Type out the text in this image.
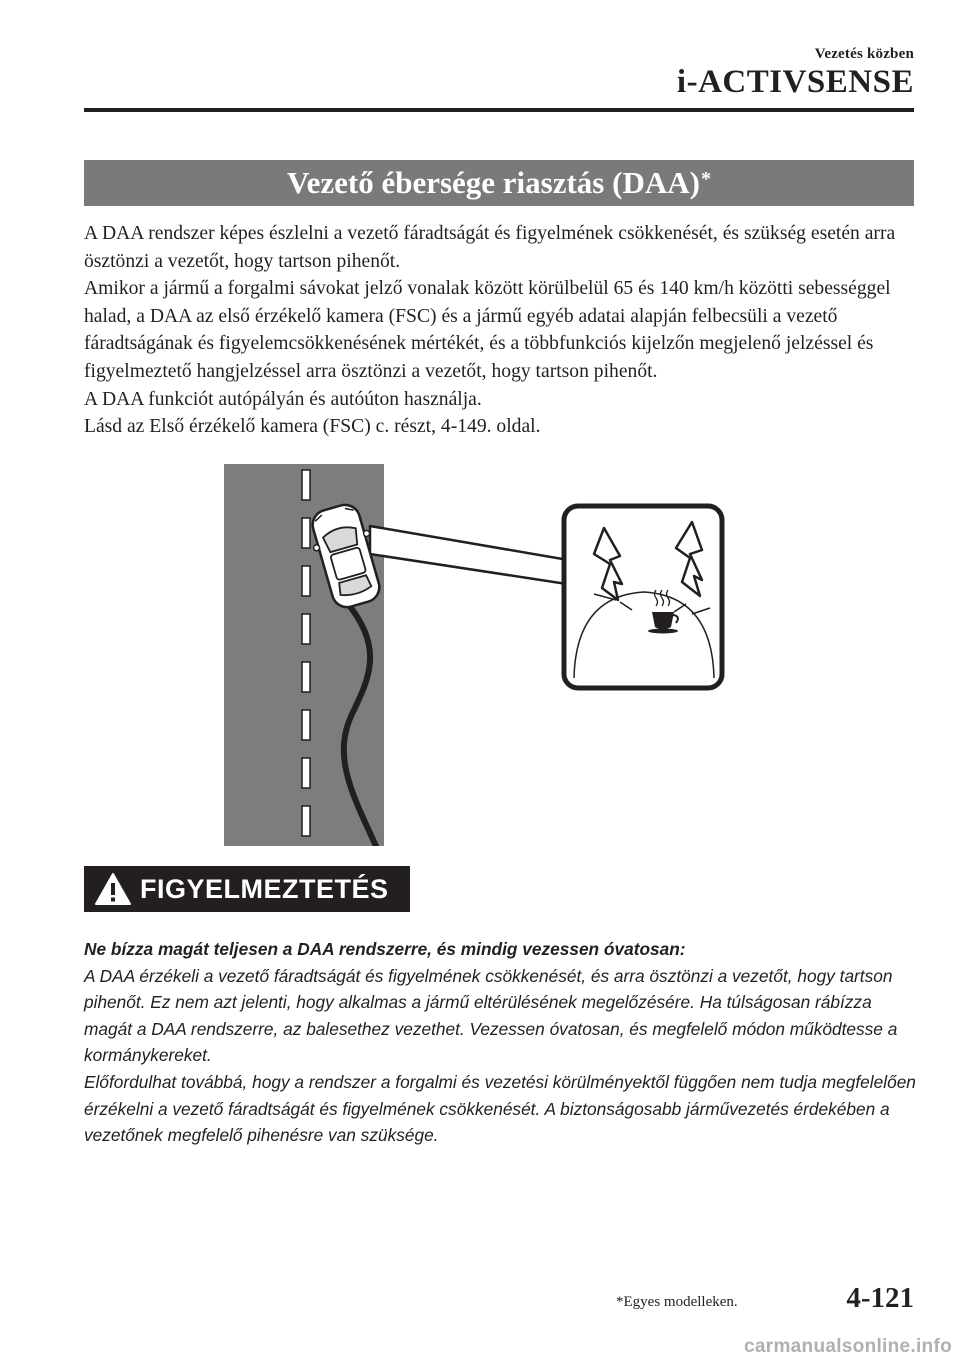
Vezetés közben
i-ACTIVSENSE
Vezető ébersége riasztás (DAA)*

A DAA rendszer képes észlelni a vezető fáradtságát és figyelmének csökkenését, és szükség esetén arra ösztönzi a vezetőt, hogy tartson pihenőt.

Amikor a jármű a forgalmi sávokat jelző vonalak között körülbelül 65 és 140 km/h közötti sebességgel halad, a DAA az első érzékelő kamera (FSC) és a jármű egyéb adatai alapján felbecsüli a vezető fáradtságának és figyelemcsökkenésének mértékét, és a többfunkciós kijelzőn megjelenő jelzéssel és figyelmeztető hangjelzéssel arra ösztönzi a vezetőt, hogy tartson pihenőt.

A DAA funkciót autópályán és autóúton használja.

Lásd az Első érzékelő kamera (FSC) c. részt, 4-149. oldal.

FIGYELMEZTETÉS

Ne bízza magát teljesen a DAA rendszerre, és mindig vezessen óvatosan:

A DAA érzékeli a vezető fáradtságát és figyelmének csökkenését, és arra ösztönzi a vezetőt, hogy tartson pihenőt. Ez nem azt jelenti, hogy alkalmas a jármű eltérülésének megelőzésére. Ha túlságosan rábízza magát a DAA rendszerre, az balesethez vezethet. Vezessen óvatosan, és megfelelő módon működtesse a kormánykereket.

Előfordulhat továbbá, hogy a rendszer a forgalmi és vezetési körülményektől függően nem tudja megfelelően érzékelni a vezető fáradtságát és figyelmének csökkenését. A biztonságosabb járművezetés érdekében a vezetőnek megfelelő pihenésre van szüksége.

*Egyes modelleken.	4-121
carmanualsonline.info
